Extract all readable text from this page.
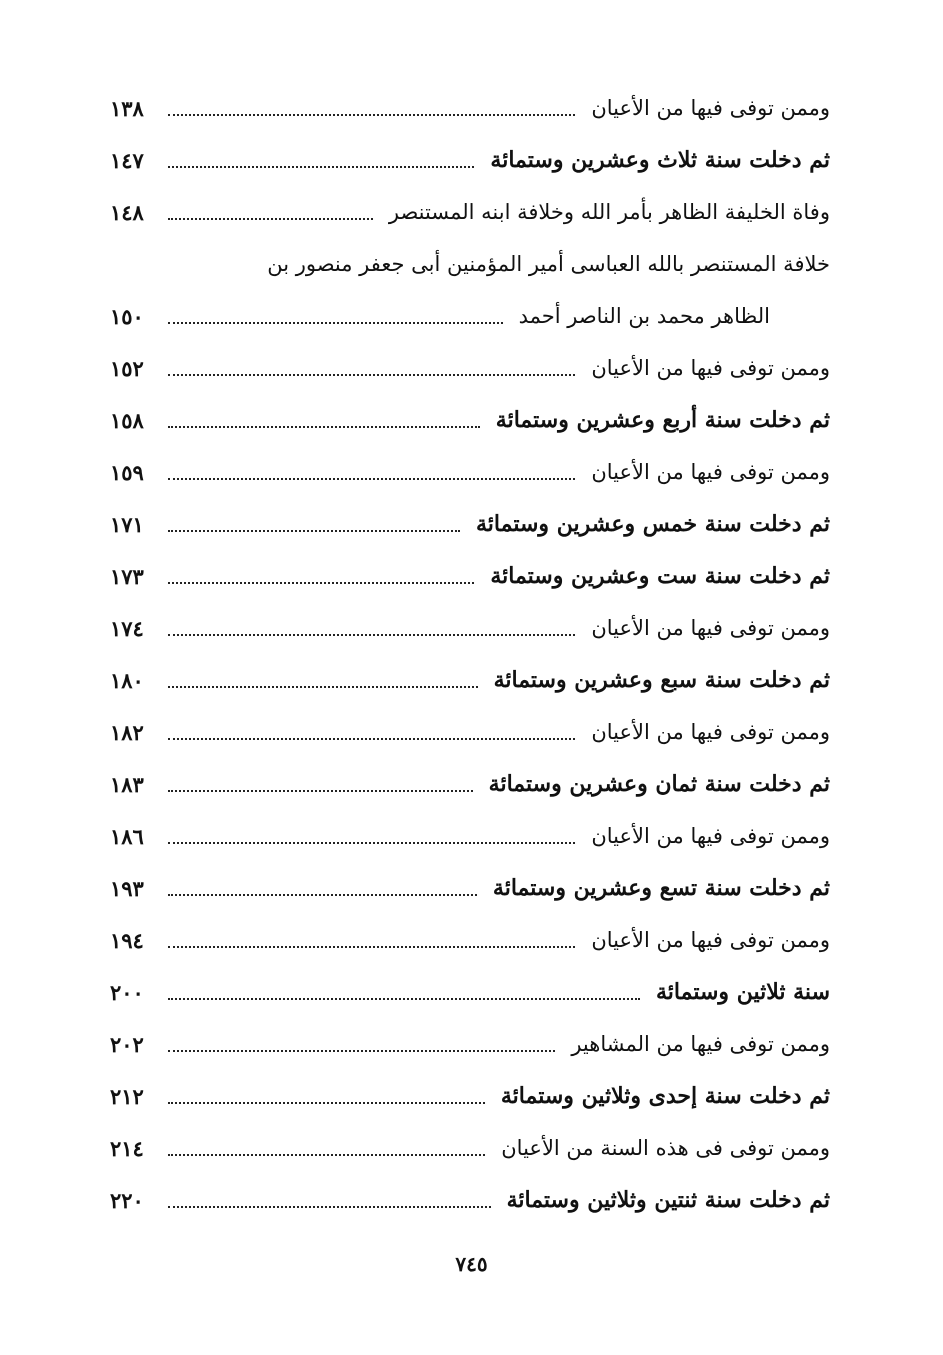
وممن توفى فيها من الأعيان
١٣٨
ثم دخلت سنة ثلاث وعشرين وستمائة
١٤٧
وفاة الخليفة الظاهر بأمر الله وخلافة ابنه المستنصر
١٤٨
خلافة المستنصر بالله العباسى أمير المؤمنين أبى جعفر منصور بن
الظاهر محمد بن الناصر أحمد
١٥٠
وممن توفى فيها من الأعيان
١٥٢
ثم دخلت سنة أربع وعشرين وستمائة
١٥٨
وممن توفى فيها من الأعيان
١٥٩
ثم دخلت سنة خمس وعشرين وستمائة
١٧١
ثم دخلت سنة ست وعشرين وستمائة
١٧٣
وممن توفى فيها من الأعيان
١٧٤
ثم دخلت سنة سبع وعشرين وستمائة
١٨٠
وممن توفى فيها من الأعيان
١٨٢
ثم دخلت سنة ثمان وعشرين وستمائة
١٨٣
وممن توفى فيها من الأعيان
١٨٦
ثم دخلت سنة تسع وعشرين وستمائة
١٩٣
وممن توفى فيها من الأعيان
١٩٤
سنة ثلاثين وستمائة
٢٠٠
وممن توفى فيها من المشاهير
٢٠٢
ثم دخلت سنة إحدى وثلاثين وستمائة
٢١٢
وممن توفى فى هذه السنة من الأعيان
٢١٤
ثم دخلت سنة ثنتين وثلاثين وستمائة
٢٢٠
٧٤٥
